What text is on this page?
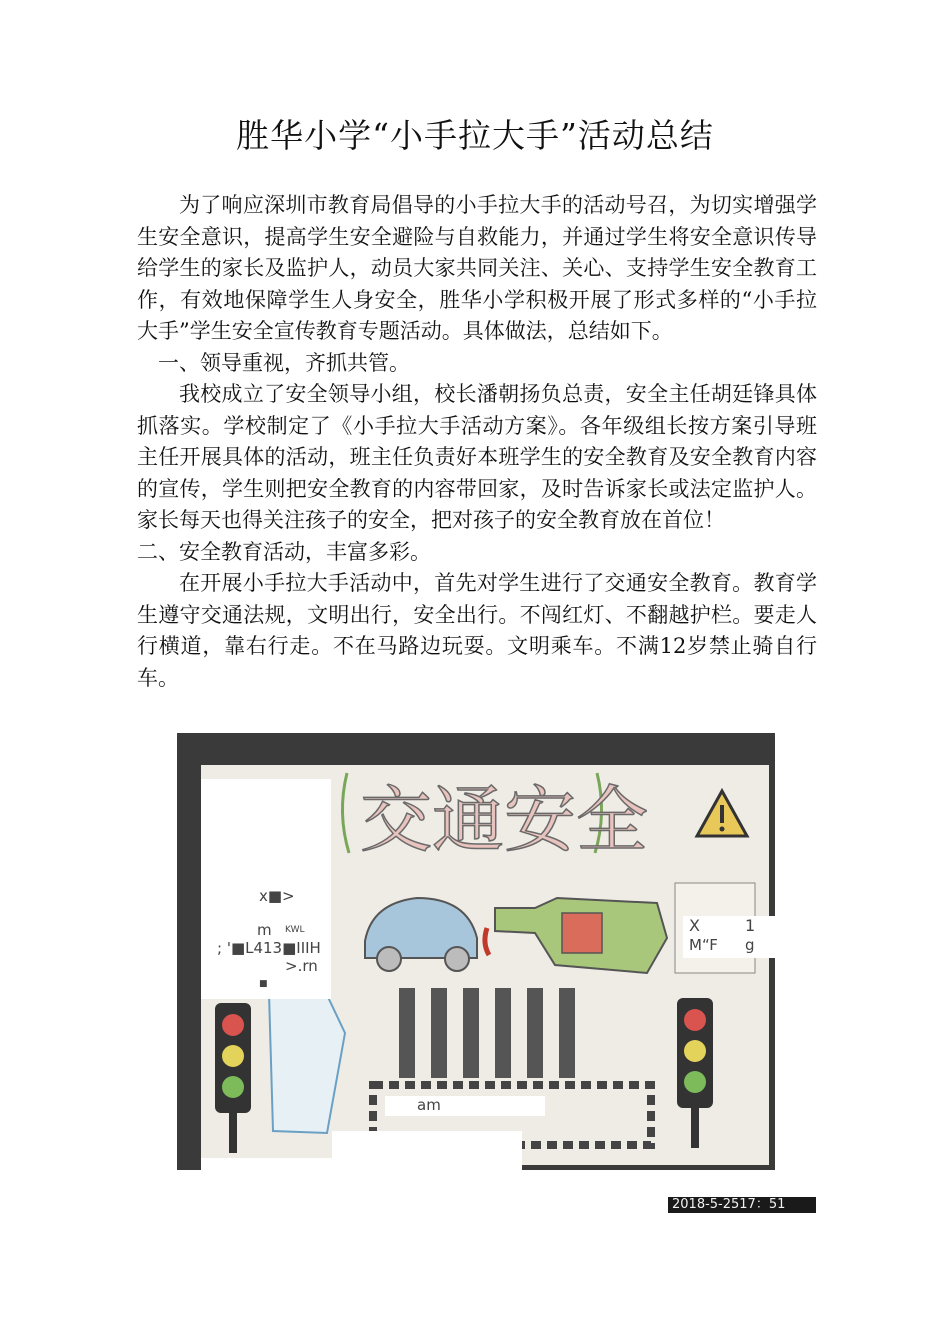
胜华小学“小手拉大手”活动总结

为了响应深圳市教育局倡导的小手拉大手的活动号召，为切实增强学生安全意识，提高学生安全避险与自救能力，并通过学生将安全意识传导给学生的家长及监护人，动员大家共同关注、关心、支持学生安全教育工作，有效地保障学生人身安全，胜华小学积极开展了形式多样的“小手拉大手”学生安全宣传教育专题活动。具体做法，总结如下。

一、领导重视，齐抓共管。

我校成立了安全领导小组，校长潘朝扬负总责，安全主任胡廷锋具体抓落实。学校制定了《小手拉大手活动方案》。各年级组长按方案引导班主任开展具体的活动，班主任负责好本班学生的安全教育及安全教育内容的宣传，学生则把安全教育的内容带回家，及时告诉家长或法定监护人。家长每天也得关注孩子的安全，把对孩子的安全教育放在首位！

二、安全教育活动，丰富多彩。

在开展小手拉大手活动中，首先对学生进行了交通安全教育。教育学生遵守交通法规，文明出行，安全出行。不闯红灯、不翻越护栏。要走人行横道，靠右行走。不在马路边玩耍。文明乘车。不满12岁禁止骑自行车。

交通安全
x■>
m KWL
; '■L413■IIIH
>.rn
■
X	1
M“F g
am
2018-5-2517：51
